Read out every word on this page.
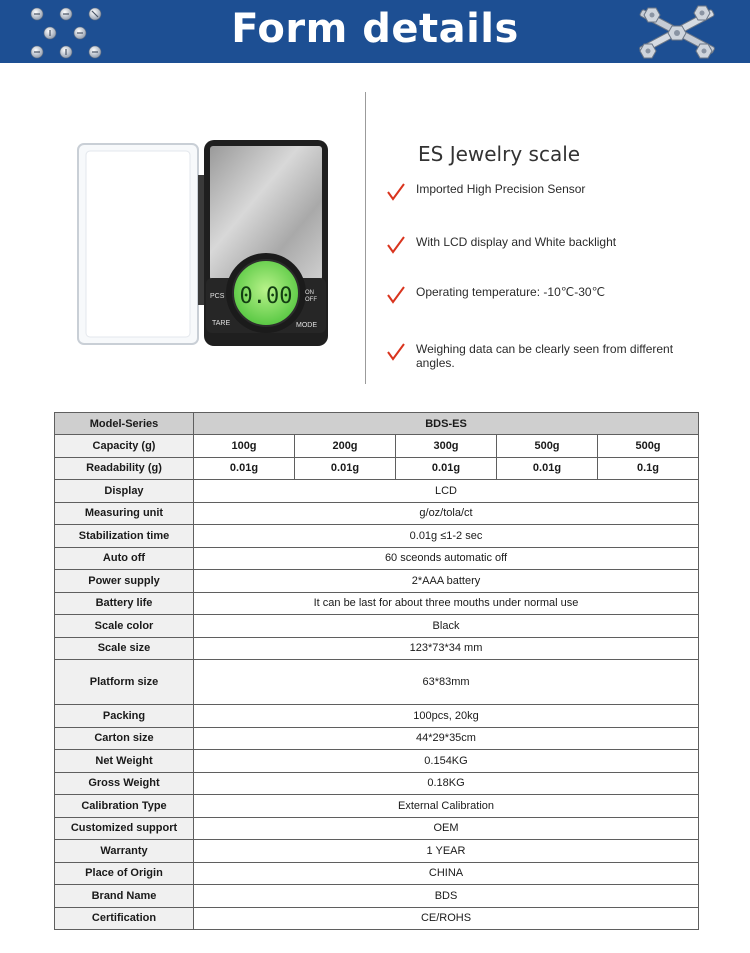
Form details
0.00
PCS	ON
OFF
TARE	MODE
ES Jewelry scale
Imported High Precision Sensor
With LCD display and White backlight
Operating temperature: -10℃-30℃
Weighing data can be clearly seen from different angles.
Model-Series	BDS-ES				
Capacity (g)	100g	200g	300g	500g	500g
Readability (g)	0.01g	0.01g	0.01g	0.01g	0.1g
Display	LCD				
Measuring unit	g/oz/tola/ct				
Stabilization time	0.01g ≤1-2 sec				
Auto off	60 sceonds automatic off				
Power supply	2*AAA battery				
Battery life	It can be last for about three mouths under normal use				
Scale color	Black				
Scale size	123*73*34 mm				
Platform size	63*83mm				
Packing	100pcs, 20kg				
Carton size	44*29*35cm				
Net Weight	0.154KG				
Gross Weight	0.18KG				
Calibration Type	External Calibration				
Customized support	OEM				
Warranty	1 YEAR				
Place of Origin	CHINA				
Brand Name	BDS				
Certification	CE/ROHS				
